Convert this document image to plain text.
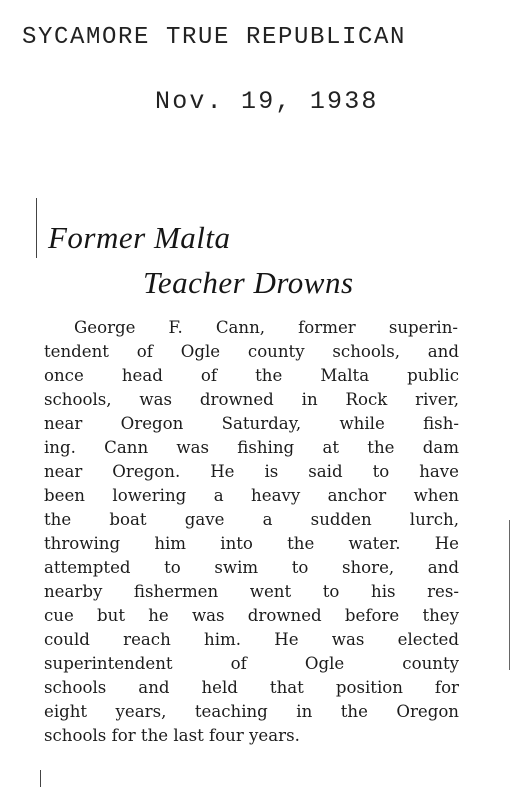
SYCAMORE TRUE REPUBLICAN
Nov. 19, 1938
Former Malta
Teacher Drowns
George F. Cann, former superin-
tendent of Ogle county schools, and
once head of the Malta public
schools, was drowned in Rock river,
near Oregon Saturday, while fish-
ing. Cann was fishing at the dam
near Oregon. He is said to have
been lowering a heavy anchor when
the boat gave a sudden lurch,
throwing him into the water. He
attempted to swim to shore, and
nearby fishermen went to his res-
cue but he was drowned before they
could reach him. He was elected
superintendent of Ogle county
schools and held that position for
eight years, teaching in the Oregon
schools for the last four years.
